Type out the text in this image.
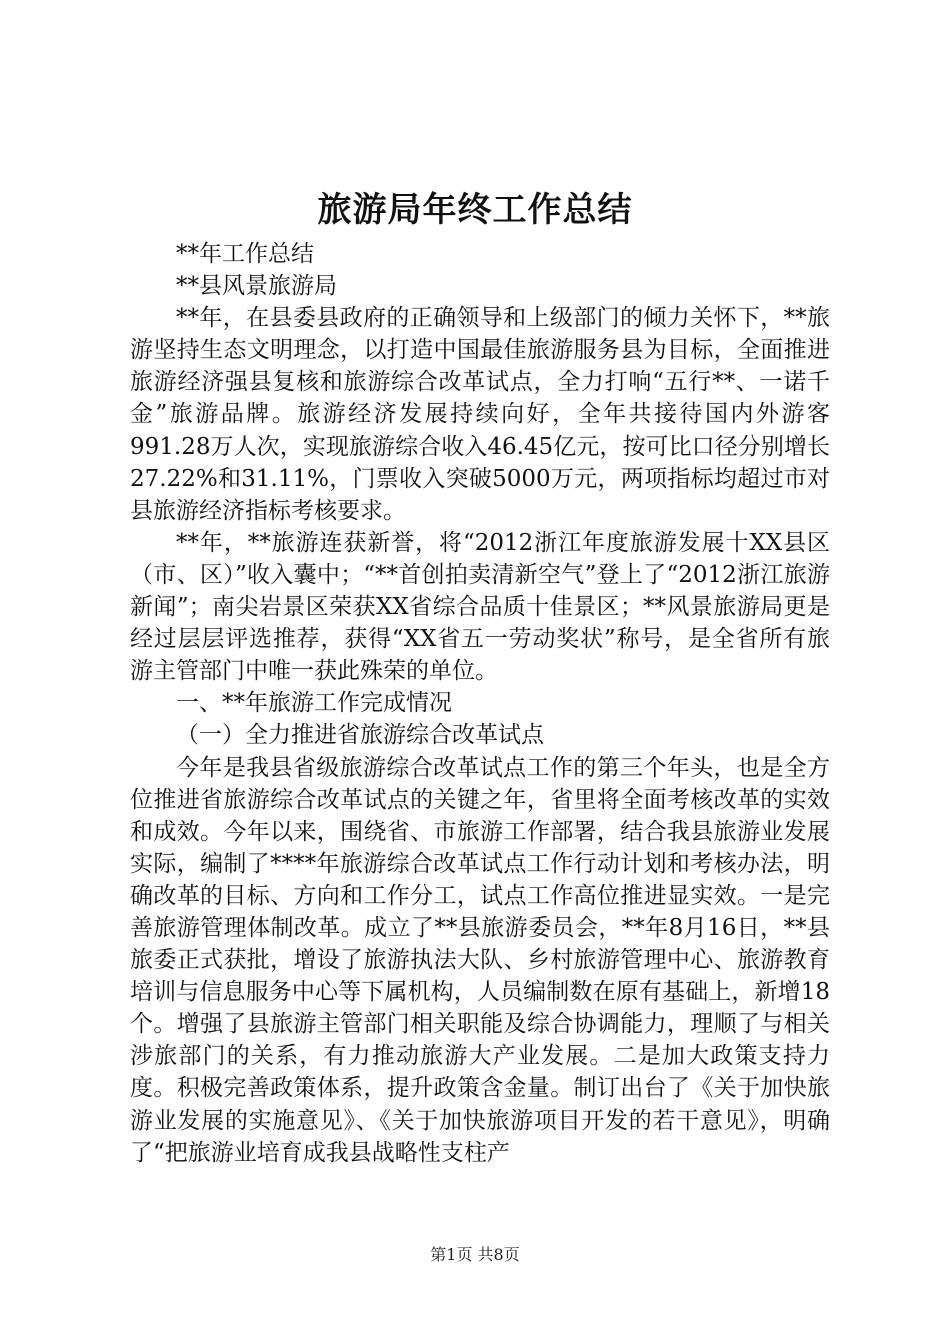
旅游局年终工作总结

**年工作总结

**县风景旅游局

**年，在县委县政府的正确领导和上级部门的倾力关怀下，**旅游坚持生态文明理念，以打造中国最佳旅游服务县为目标，全面推进旅游经济强县复核和旅游综合改革试点，全力打响“五行**、一诺千金”旅游品牌。旅游经济发展持续向好，全年共接待国内外游客991.28万人次，实现旅游综合收入46.45亿元，按可比口径分别增长27.22%和31.11%，门票收入突破5000万元，两项指标均超过市对县旅游经济指标考核要求。

**年，**旅游连获新誉，将“2012浙江年度旅游发展十XX县区（市、区）”收入囊中；“**首创拍卖清新空气”登上了“2012浙江旅游新闻”；南尖岩景区荣获XX省综合品质十佳景区；**风景旅游局更是经过层层评选推荐，获得“XX省五一劳动奖状”称号，是全省所有旅游主管部门中唯一获此殊荣的单位。

一、**年旅游工作完成情况

（一）全力推进省旅游综合改革试点

今年是我县省级旅游综合改革试点工作的第三个年头，也是全方位推进省旅游综合改革试点的关键之年，省里将全面考核改革的实效和成效。今年以来，围绕省、市旅游工作部署，结合我县旅游业发展实际，编制了****年旅游综合改革试点工作行动计划和考核办法，明确改革的目标、方向和工作分工，试点工作高位推进显实效。一是完善旅游管理体制改革。成立了**县旅游委员会，**年8月16日，**县旅委正式获批，增设了旅游执法大队、乡村旅游管理中心、旅游教育培训与信息服务中心等下属机构，人员编制数在原有基础上，新增18个。增强了县旅游主管部门相关职能及综合协调能力，理顺了与相关涉旅部门的关系，有力推动旅游大产业发展。二是加大政策支持力度。积极完善政策体系，提升政策含金量。制订出台了《关于加快旅游业发展的实施意见》、《关于加快旅游项目开发的若干意见》，明确了“把旅游业培育成我县战略性支柱产

第1页 共8页
